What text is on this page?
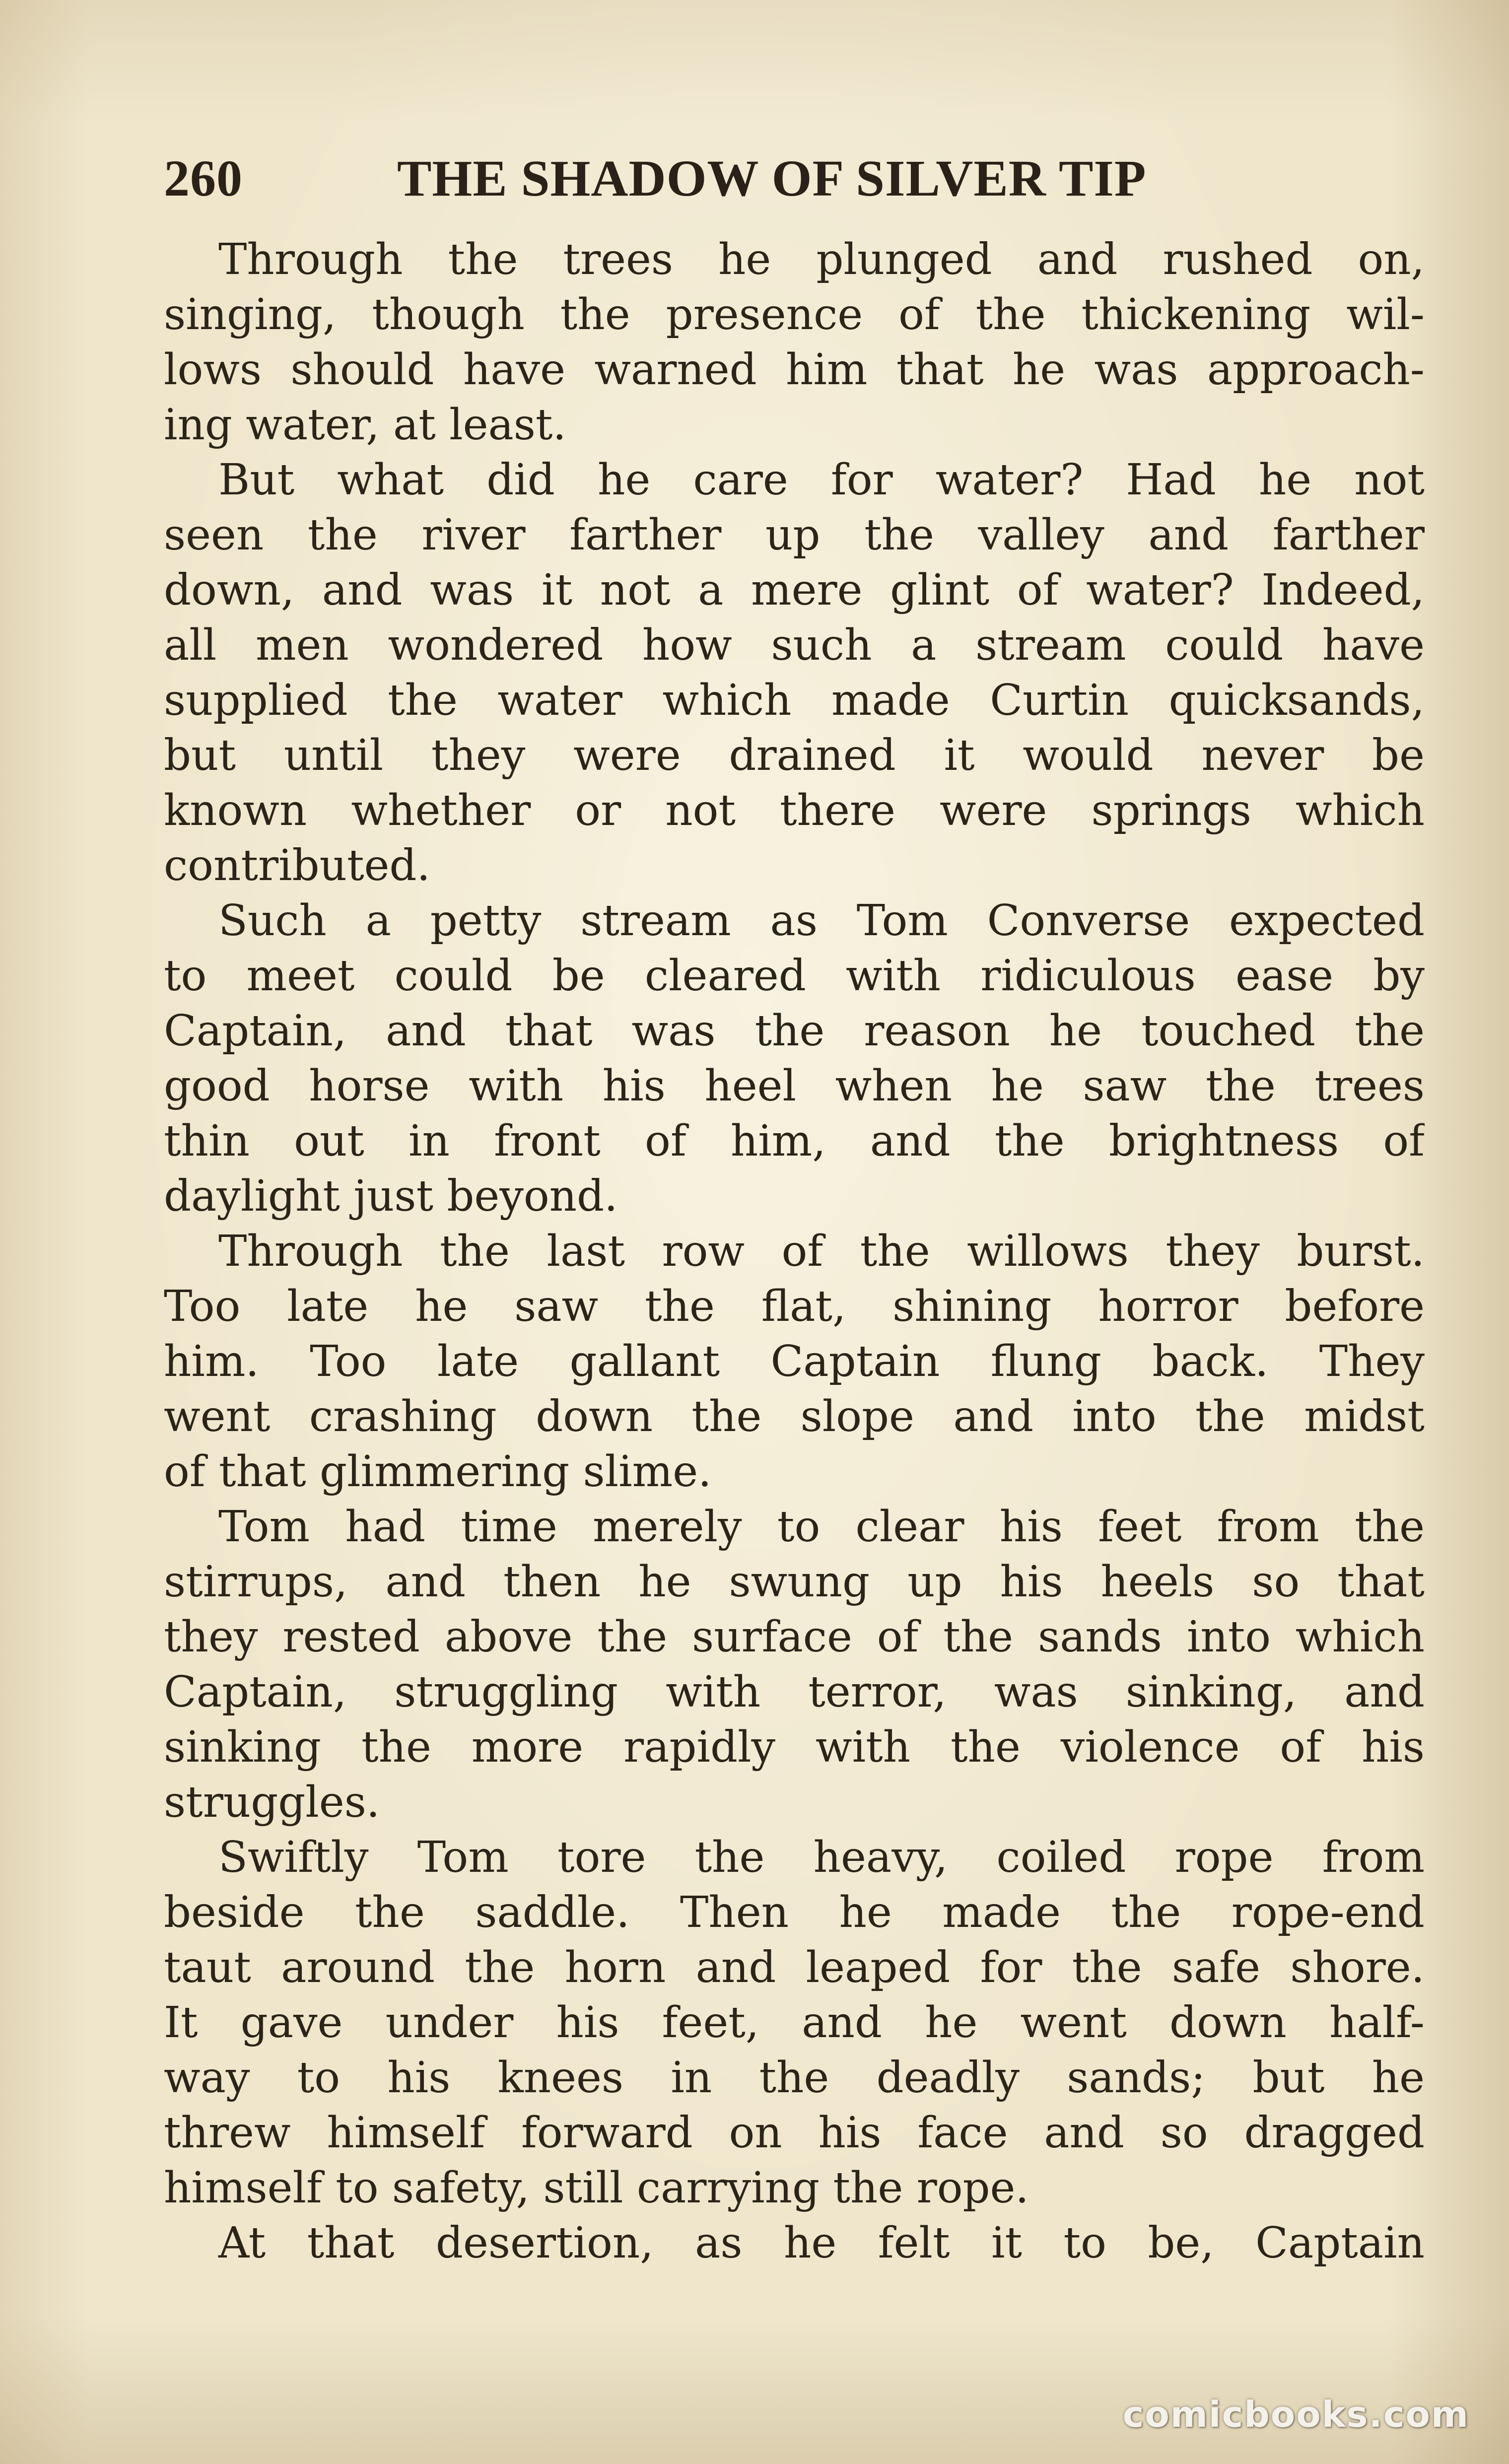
260	THE SHADOW OF SILVER TIP
Through the trees he plunged and rushed on,
singing, though the presence of the thickening wil-
lows should have warned him that he was approach-
ing water, at least.
But what did he care for water? Had he not
seen the river farther up the valley and farther
down, and was it not a mere glint of water? Indeed,
all men wondered how such a stream could have
supplied the water which made Curtin quicksands,
but until they were drained it would never be
known whether or not there were springs which
contributed.
Such a petty stream as Tom Converse expected
to meet could be cleared with ridiculous ease by
Captain, and that was the reason he touched the
good horse with his heel when he saw the trees
thin out in front of him, and the brightness of
daylight just beyond.
Through the last row of the willows they burst.
Too late he saw the flat, shining horror before
him. Too late gallant Captain flung back. They
went crashing down the slope and into the midst
of that glimmering slime.
Tom had time merely to clear his feet from the
stirrups, and then he swung up his heels so that
they rested above the surface of the sands into which
Captain, struggling with terror, was sinking, and
sinking the more rapidly with the violence of his
struggles.
Swiftly Tom tore the heavy, coiled rope from
beside the saddle. Then he made the rope-end
taut around the horn and leaped for the safe shore.
It gave under his feet, and he went down half-
way to his knees in the deadly sands; but he
threw himself forward on his face and so dragged
himself to safety, still carrying the rope.
At that desertion, as he felt it to be, Captain
comicbooks.com
